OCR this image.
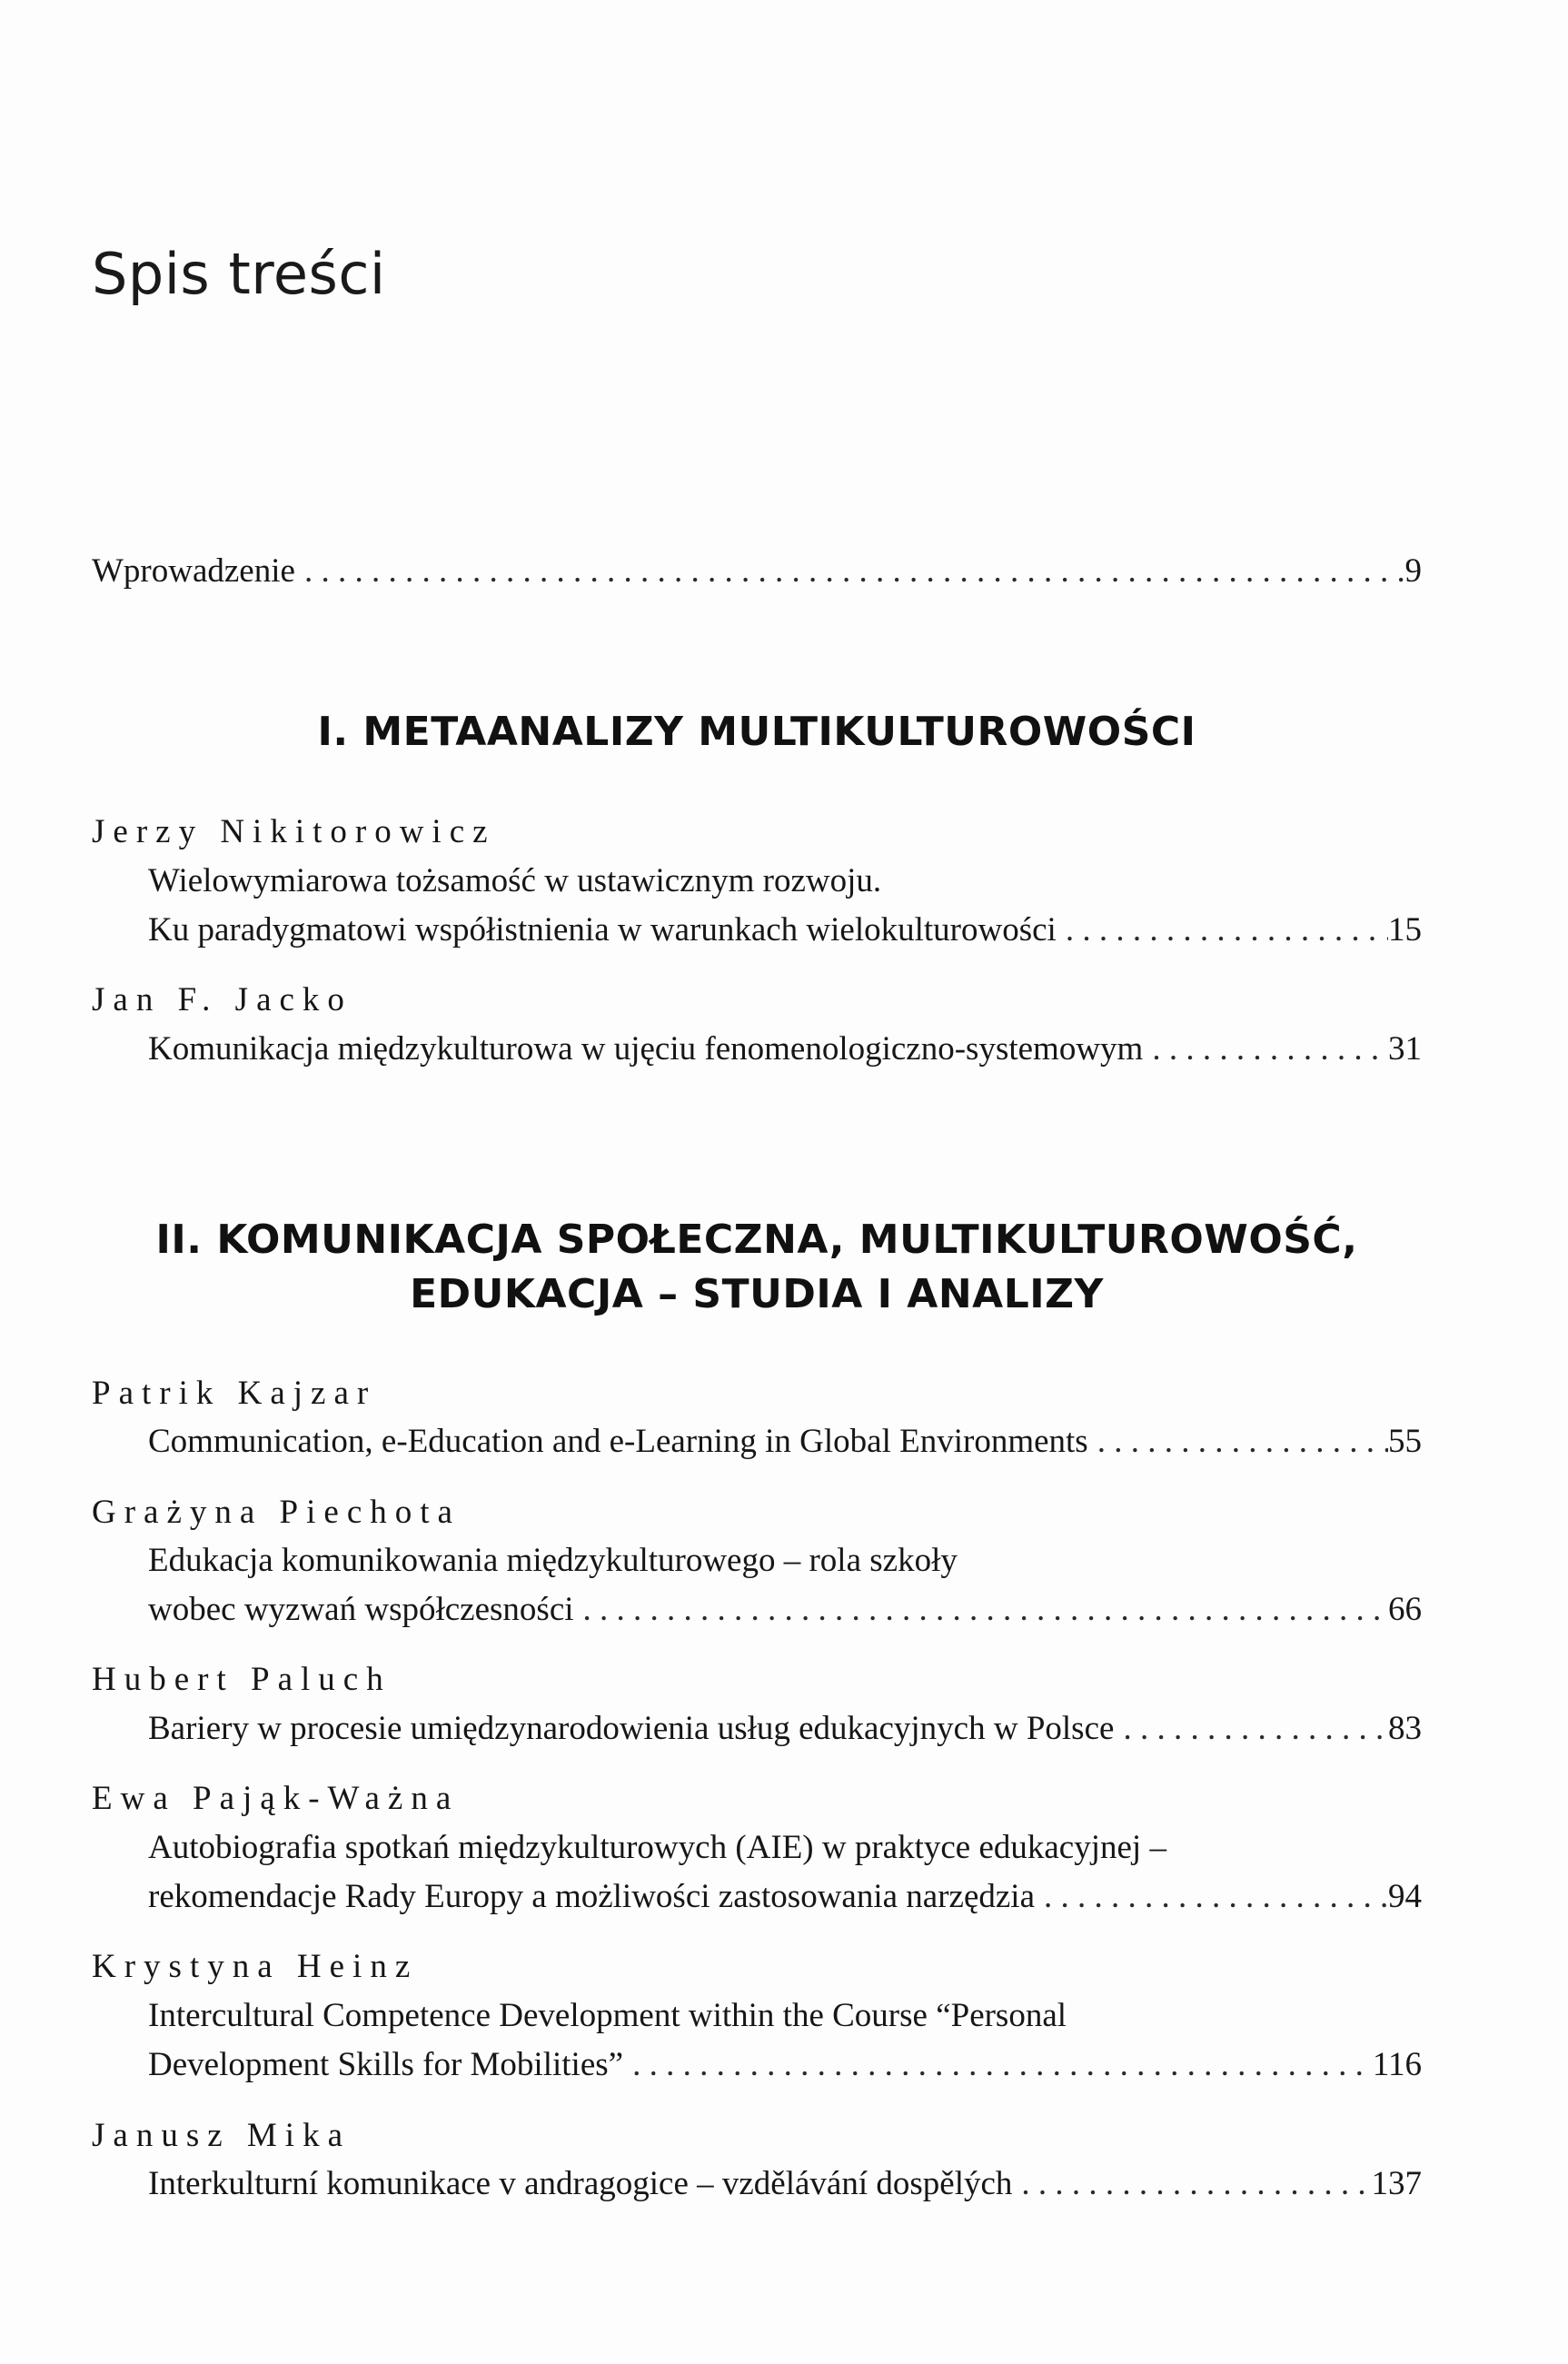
Spis treści
Wprowadzenie . . .	9
I. METAANALIZY MULTIKULTUROWOŚCI
Jerzy Nikitorowicz
Wielowymiarowa tożsamość w ustawicznym rozwoju.
Ku paradygmatowi współistnienia w warunkach wielokulturowości . . .	15
Jan F. Jacko
Komunikacja międzykulturowa w ujęciu fenomenologiczno-systemowym . . .	31
II. KOMUNIKACJA SPOŁECZNA, MULTIKULTUROWOŚĆ,
EDUKACJA – STUDIA I ANALIZY
Patrik Kajzar
Communication, e-Education and e-Learning in Global Environments . . .	55
Grażyna Piechota
Edukacja komunikowania międzykulturowego – rola szkoły
wobec wyzwań współczesności . . .	66
Hubert Paluch
Bariery w procesie umiędzynarodowienia usług edukacyjnych w Polsce . . .	83
Ewa Pająk-Ważna
Autobiografia spotkań międzykulturowych (AIE) w praktyce edukacyjnej –
rekomendacje Rady Europy a możliwości zastosowania narzędzia . . .	94
Krystyna Heinz
Intercultural Competence Development within the Course “Personal
Development Skills for Mobilities” . . .	116
Janusz Mika
Interkulturní komunikace v andragogice – vzdělávání dospělých . . .	137
